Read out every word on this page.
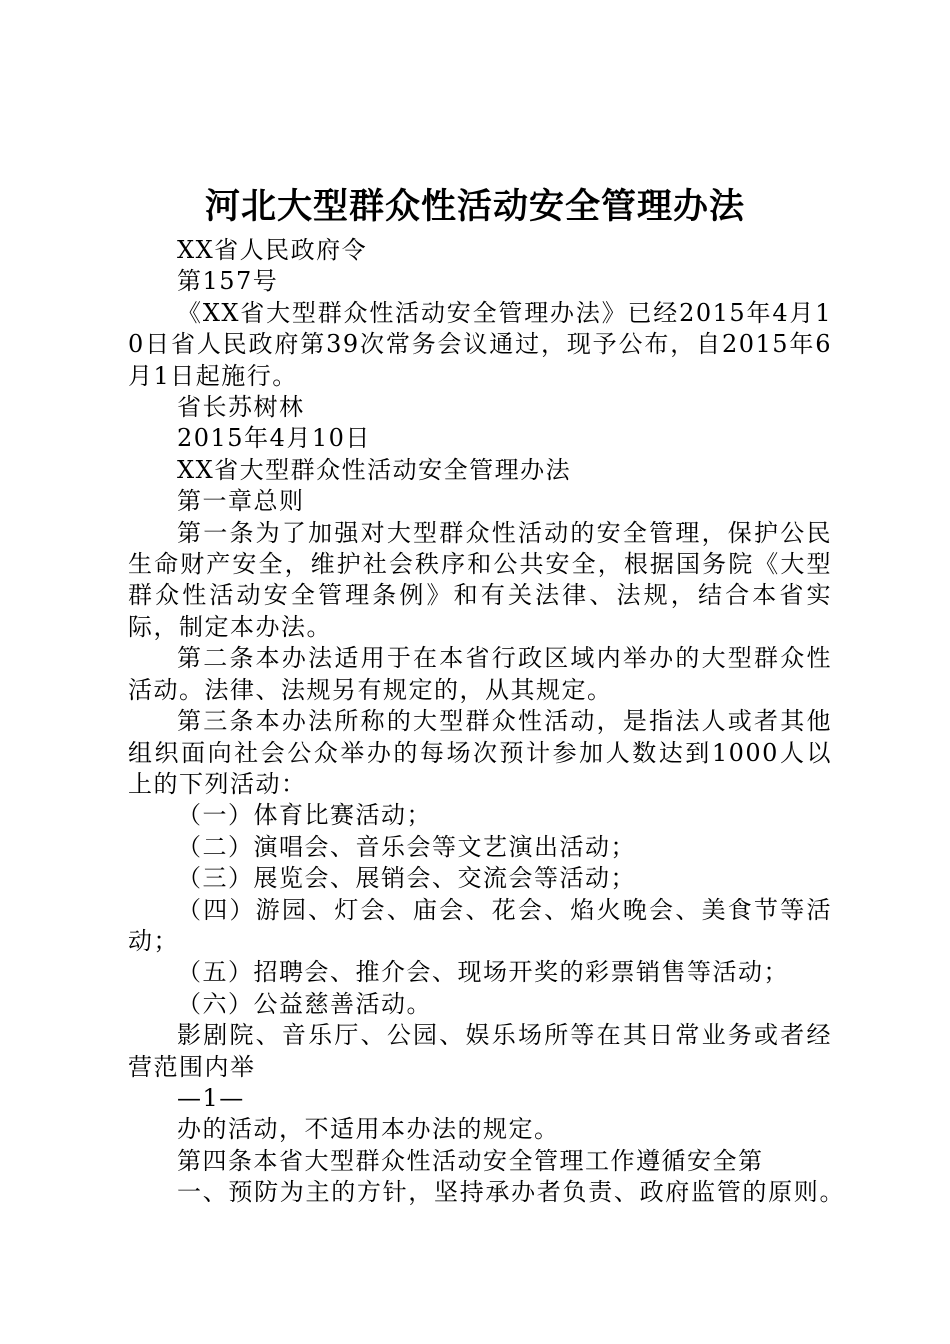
河北大型群众性活动安全管理办法

XX省人民政府令

第157号

《XX省大型群众性活动安全管理办法》已经2015年4月10日省人民政府第39次常务会议通过，现予公布，自2015年6月1日起施行。

省长苏树林

2015年4月10日

XX省大型群众性活动安全管理办法

第一章总则

第一条为了加强对大型群众性活动的安全管理，保护公民生命财产安全，维护社会秩序和公共安全，根据国务院《大型群众性活动安全管理条例》和有关法律、法规，结合本省实际，制定本办法。

第二条本办法适用于在本省行政区域内举办的大型群众性活动。法律、法规另有规定的，从其规定。

第三条本办法所称的大型群众性活动，是指法人或者其他组织面向社会公众举办的每场次预计参加人数达到1000人以上的下列活动：

（一）体育比赛活动；

（二）演唱会、音乐会等文艺演出活动；

（三）展览会、展销会、交流会等活动；

（四）游园、灯会、庙会、花会、焰火晚会、美食节等活动；

（五）招聘会、推介会、现场开奖的彩票销售等活动；

（六）公益慈善活动。

影剧院、音乐厅、公园、娱乐场所等在其日常业务或者经营范围内举

—1—

办的活动，不适用本办法的规定。

第四条本省大型群众性活动安全管理工作遵循安全第

一、预防为主的方针，坚持承办者负责、政府监管的原则。
